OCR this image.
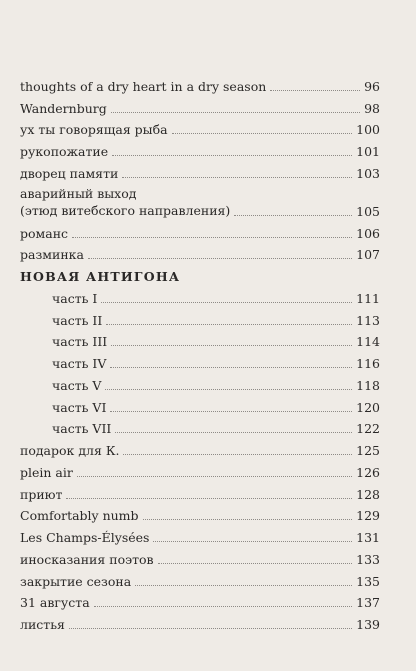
thoughts of a dry heart in a dry season	96
Wandernburg	98
ух ты говорящая рыба	100
рукопожатие	101
дворец памяти	103
аварийный выход
(этюд витебского направления)	105
романс	106
разминка	107
НОВАЯ АНТИГОНА
часть I	111
часть II	113
часть III	114
часть IV	116
часть V	118
часть VI	120
часть VII	122
подарок для К.	125
plein air	126
приют	128
Comfortably numb	129
Les Champs-Élysées	131
иносказания поэтов	133
закрытие сезона	135
31 августа	137
листья	139
